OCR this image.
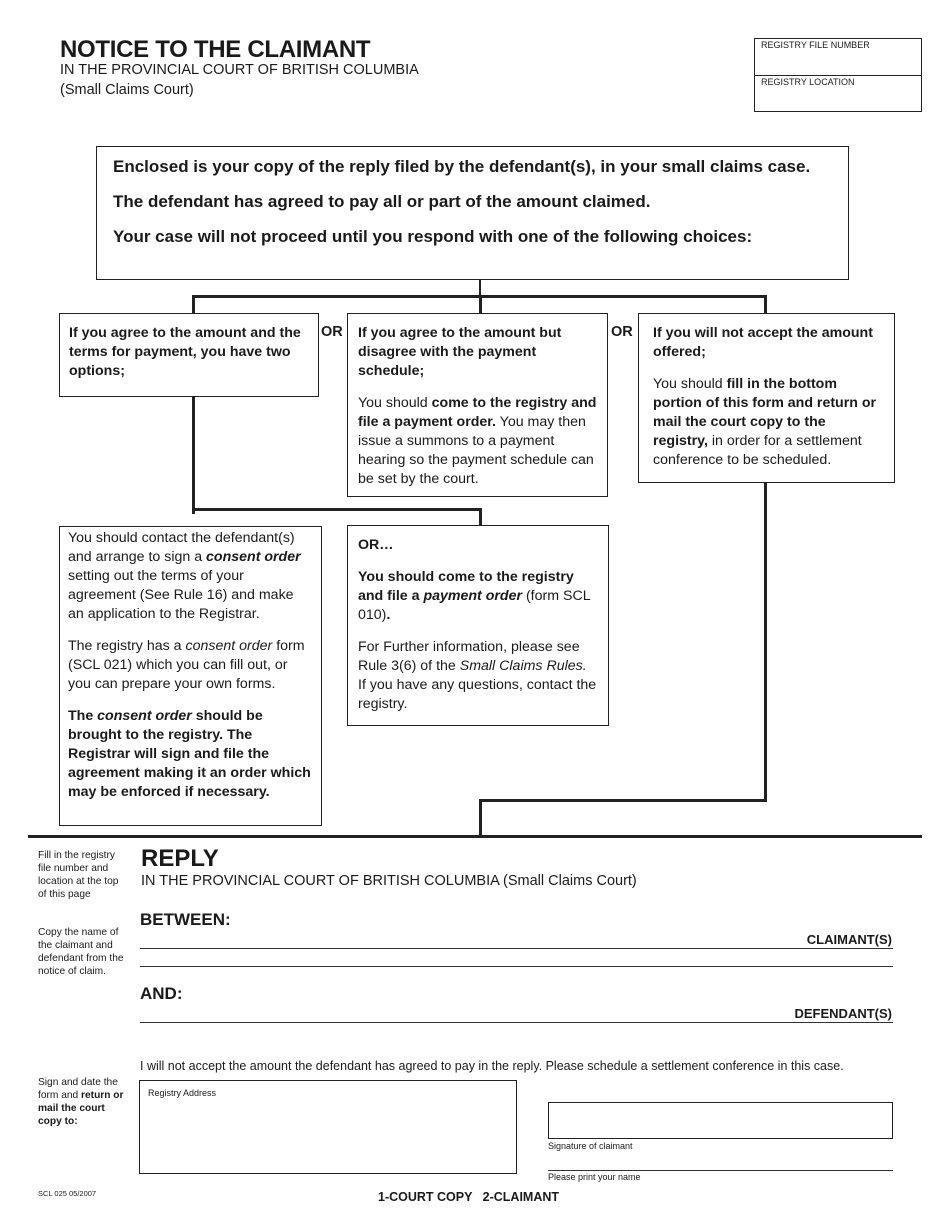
NOTICE TO THE CLAIMANT
IN THE PROVINCIAL COURT OF BRITISH COLUMBIA
(Small Claims Court)
REGISTRY FILE NUMBER
REGISTRY LOCATION

Enclosed is your copy of the reply filed by the defendant(s), in your small claims case.

The defendant has agreed to pay all or part of the amount claimed.

Your case will not proceed until you respond with one of the following choices:

If you agree to the amount and the terms for payment, you have two options;
OR If you agree to the amount but disagree with the payment schedule;

You should come to the registry and file a payment order. You may then issue a summons to a payment hearing so the payment schedule can be set by the court.

OR If you will not accept the amount offered;

You should fill in the bottom portion of this form and return or mail the court copy to the registry, in order for a settlement conference to be scheduled.

You should contact the defendant(s) and arrange to sign a consent order setting out the terms of your agreement (See Rule 16) and make an application to the Registrar.

The registry has a consent order form (SCL 021) which you can fill out, or you can prepare your own forms.

The consent order should be brought to the registry. The Registrar will sign and file the agreement making it an order which may be enforced if necessary.

OR…

You should come to the registry and file a payment order (form SCL 010).

For Further information, please see Rule 3(6) of the Small Claims Rules. If you have any questions, contact the registry.

Fill in the registry file number and location at the top of this page
Copy the name of the claimant and defendant from the notice of claim.
Sign and date the form and return or mail the court copy to:
REPLY
IN THE PROVINCIAL COURT OF BRITISH COLUMBIA (Small Claims Court)
BETWEEN:
CLAIMANT(S)
AND:
DEFENDANT(S)
I will not accept the amount the defendant has agreed to pay in the reply. Please schedule a settlement conference in this case.
Registry Address
Signature of claimant
Please print your name
SCL 025 05/2007	1-COURT COPY   2-CLAIMANT
